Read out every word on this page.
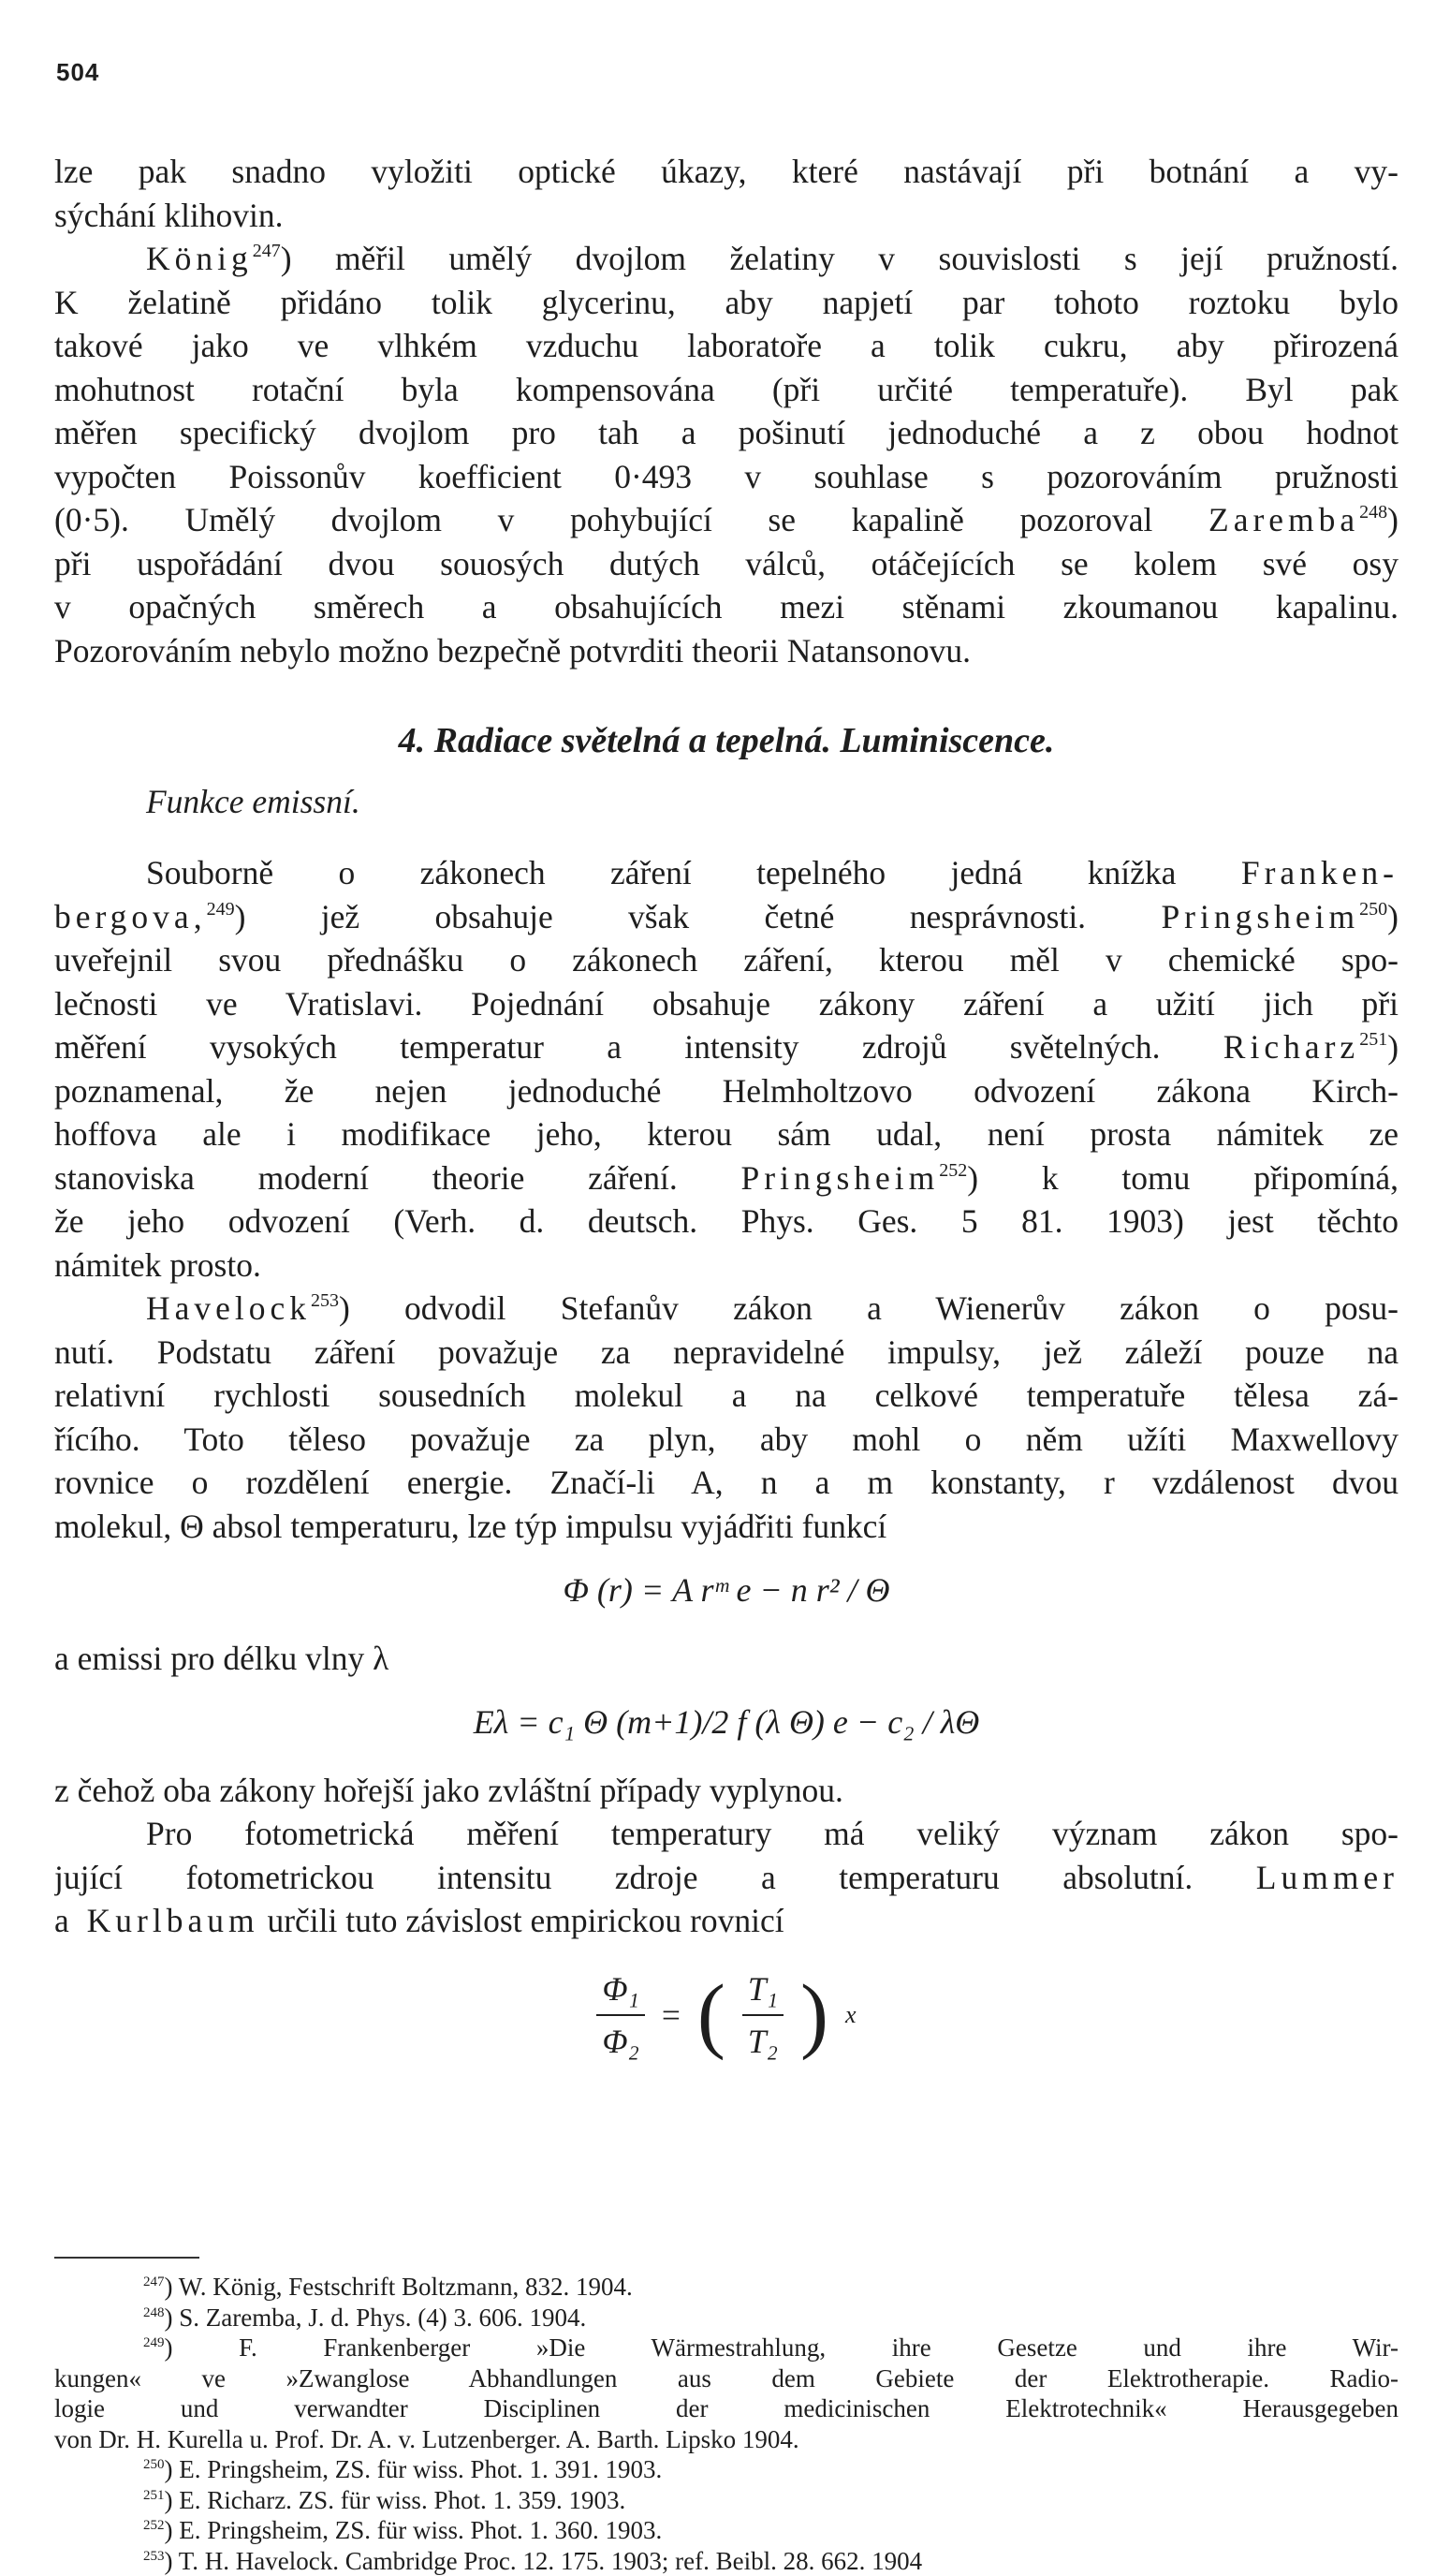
504
lze pak snadno vyložiti optické úkazy, které nastávají při botnání a vy-
sýchání klihovin.
König$^{247}$) měřil umělý dvojlom želatiny v souvislosti s její pružností.
K želatině přidáno tolik glycerinu, aby napjetí par tohoto roztoku bylo
takové jako ve vlhkém vzduchu laboratoře a tolik cukru, aby přirozená
mohutnost rotační byla kompensována (při určité temperatuře). Byl pak
měřen specifický dvojlom pro tah a pošinutí jednoduché a z obou hodnot
vypočten Poissonův koefficient 0·493 v souhlase s pozorováním pružnosti
(0·5). Umělý dvojlom v pohybující se kapalině pozoroval Zaremba$^{248}$)
při uspořádání dvou souosých dutých válců, otáčejících se kolem své osy
v opačných směrech a obsahujících mezi stěnami zkoumanou kapalinu.
Pozorováním nebylo možno bezpečně potvrditi theorii Natansonovu.
4. Radiace světelná a tepelná. Luminiscence.
Funkce emissní.
Souborně o zákonech záření tepelného jedná knížka Franken-
bergova,$^{249}$) jež obsahuje však četné nesprávnosti. Pringsheim$^{250}$)
uveřejnil svou přednášku o zákonech záření, kterou měl v chemické spo-
lečnosti ve Vratislavi. Pojednání obsahuje zákony záření a užití jich při
měření vysokých temperatur a intensity zdrojů světelných. Richarz$^{251}$)
poznamenal, že nejen jednoduché Helmholtzovo odvození zákona Kirch-
hoffova ale i modifikace jeho, kterou sám udal, není prosta námitek ze
stanoviska moderní theorie záření. Pringsheim$^{252}$) k tomu připomíná,
že jeho odvození (Verh. d. deutsch. Phys. Ges. 5 81. 1903) jest těchto
námitek prosto.
Havelock$^{253}$) odvodil Stefanův zákon a Wienerův zákon o posu-
nutí. Podstatu záření považuje za nepravidelné impulsy, jež záleží pouze na
relativní rychlosti sousedních molekul a na celkové temperatuře tělesa zá-
řícího. Toto těleso považuje za plyn, aby mohl o něm užíti Maxwellovy
rovnice o rozdělení energie. Značí-li A, n a m konstanty, r vzdálenost dvou
molekul, Θ absol temperaturu, lze týp impulsu vyjádřiti funkcí
Φ (r) = A rᵐ e − n r² / Θ
a emissi pro délku vlny λ
Eλ = c₁ Θ (m+1)/2 f (λ Θ) e − c₂ / λΘ
z čehož oba zákony hořejší jako zvláštní případy vyplynou.
Pro fotometrická měření temperatury má veliký význam zákon spo-
jující fotometrickou intensitu zdroje a temperaturu absolutní. Lummer
a Kurlbaum určili tuto závislost empirickou rovnicí
$\frac{\text{Φ₁}}{\text{Φ₂}}$ = ( $\frac{\text{T₁}}{\text{T₂}}$ ) x
$^{247}$) W. König, Festschrift Boltzmann, 832. 1904.
$^{248}$) S. Zaremba, J. d. Phys. (4) 3. 606. 1904.
$^{249}$) F. Frankenberger »Die Wärmestrahlung, ihre Gesetze und ihre Wir-
kungen« ve »Zwanglose Abhandlungen aus dem Gebiete der Elektrotherapie. Radio-
logie und verwandter Disciplinen der medicinischen Elektrotechnik« Herausgegeben
von Dr. H. Kurella u. Prof. Dr. A. v. Lutzenberger. A. Barth. Lipsko 1904.
$^{250}$) E. Pringsheim, ZS. für wiss. Phot. 1. 391. 1903.
$^{251}$) E. Richarz. ZS. für wiss. Phot. 1. 359. 1903.
$^{252}$) E. Pringsheim, ZS. für wiss. Phot. 1. 360. 1903.
$^{253}$) T. H. Havelock. Cambridge Proc. 12. 175. 1903; ref. Beibl. 28. 662. 1904
